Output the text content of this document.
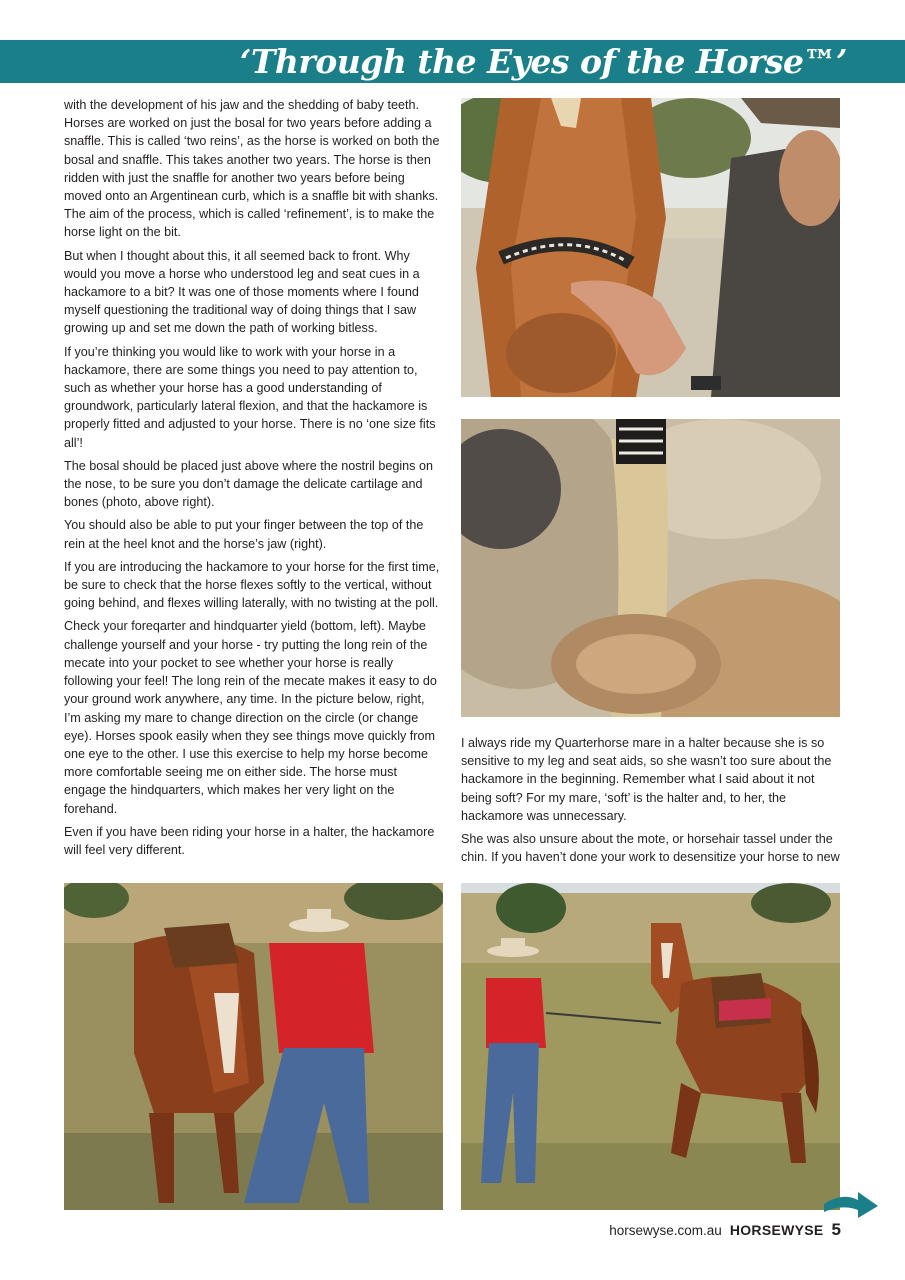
‘Through the Eyes of the Horse™’

with the development of his jaw and the shedding of baby teeth. Horses are worked on just the bosal for two years before adding a snaffle. This is called ‘two reins’, as the horse is worked on both the bosal and snaffle. This takes another two years. The horse is then ridden with just the snaffle for another two years before being moved onto an Argentinean curb, which is a snaffle bit with shanks. The aim of the process, which is called ‘refinement’, is to make the horse light on the bit.

But when I thought about this, it all seemed back to front. Why would you move a horse who understood leg and seat cues in a hackamore to a bit? It was one of those moments where I found myself questioning the traditional way of doing things that I saw growing up and set me down the path of working bitless.

If you’re thinking you would like to work with your horse in a hackamore, there are some things you need to pay attention to, such as whether your horse has a good understanding of groundwork, particularly lateral flexion, and that the hackamore is properly fitted and adjusted to your horse. There is no ‘one size fits all’!

The bosal should be placed just above where the nostril begins on the nose, to be sure you don’t damage the delicate cartilage and bones (photo, above right).

You should also be able to put your finger between the top of the rein at the heel knot and the horse’s jaw (right).

If you are introducing the hackamore to your horse for the first time, be sure to check that the horse flexes softly to the vertical, without going behind, and flexes willing laterally, with no twisting at the poll.

Check your foreqarter and hindquarter yield (bottom, left). Maybe challenge yourself and your horse - try putting the long rein of the mecate into your pocket to see whether your horse is really following your feel! The long rein of the mecate makes it easy to do your ground work anywhere, any time. In the picture below, right, I’m asking my mare to change direction on the circle (or change eye). Horses spook easily when they see things move quickly from one eye to the other. I use this exercise to help my horse become more comfortable seeing me on either side. The horse must engage the hindquarters, which makes her very light on the forehand.

Even if you have been riding your horse in a halter, the hackamore will feel very different.

I always ride my Quarterhorse mare in a halter because she is so sensitive to my leg and seat aids, so she wasn’t too sure about the hackamore in the beginning. Remember what I said about it not being soft? For my mare, ‘soft’ is the halter and, to her, the hackamore was unnecessary.

She was also unsure about the mote, or horsehair tassel under the chin. If you haven’t done your work to desensitize your horse to new

horsewyse.com.au HORSEWYSE 5
